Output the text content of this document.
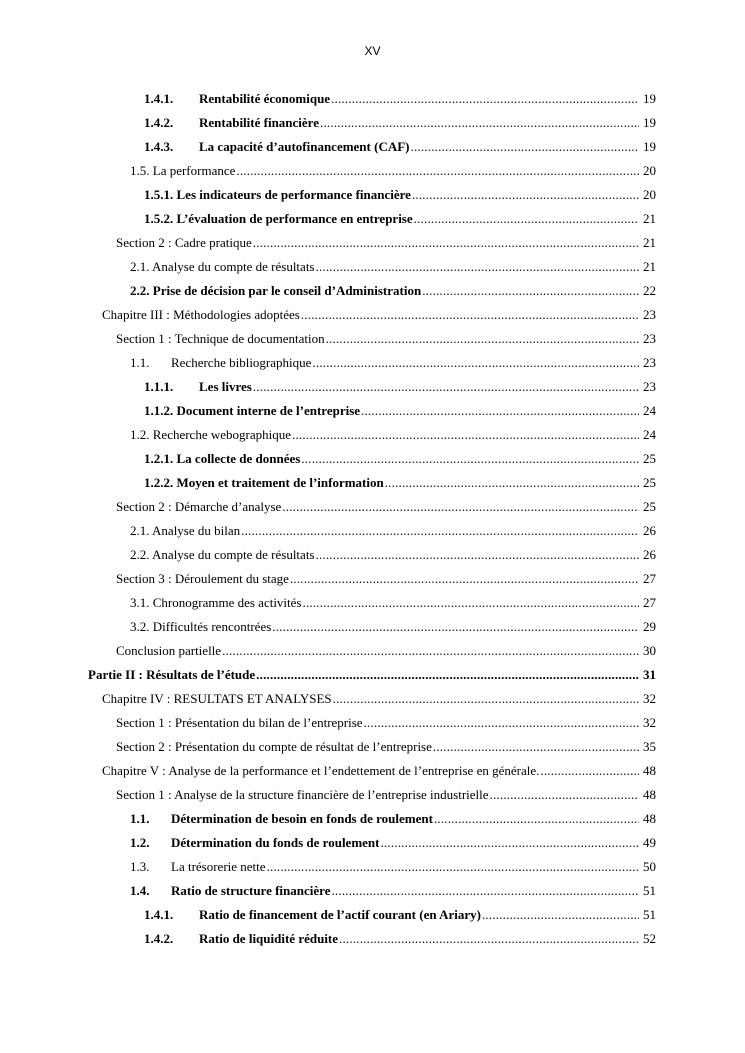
XV
1.4.1.	Rentabilité économique .....	19
1.4.2.	Rentabilité financière .....	19
1.4.3.	La capacité d’autofinancement (CAF) .....	19
1.5. La performance .....	20
1.5.1. Les indicateurs de performance financière .....	20
1.5.2. L’évaluation de performance en entreprise .....	21
Section 2 : Cadre pratique .....	21
2.1. Analyse du compte de résultats .....	21
2.2. Prise de décision par le conseil d’Administration .....	22
Chapitre III : Méthodologies adoptées .....	23
Section 1 : Technique de documentation .....	23
1.1.	Recherche bibliographique .....	23
1.1.1.	Les livres .....	23
1.1.2. Document interne de l’entreprise .....	24
1.2. Recherche webographique .....	24
1.2.1. La collecte de données .....	25
1.2.2. Moyen et traitement de l’information .....	25
Section 2 : Démarche d’analyse .....	25
2.1. Analyse du bilan .....	26
2.2. Analyse du compte de résultats .....	26
Section 3 : Déroulement du stage .....	27
3.1. Chronogramme des activités .....	27
3.2. Difficultés rencontrées .....	29
Conclusion partielle .....	30
Partie II : Résultats de l’étude .....	31
Chapitre IV : RESULTATS ET ANALYSES .....	32
Section 1 : Présentation du bilan de l’entreprise .....	32
Section 2 : Présentation du compte de résultat de l’entreprise .....	35
Chapitre V : Analyse de la performance et l’endettement de l’entreprise en générale. .....	48
Section 1 : Analyse de la structure financière de l’entreprise industrielle .....	48
1.1.	Détermination de besoin en fonds de roulement .....	48
1.2.	Détermination du fonds de roulement .....	49
1.3.	La trésorerie nette .....	50
1.4.	Ratio de structure financière .....	51
1.4.1.	Ratio de financement de l’actif courant (en Ariary) .....	51
1.4.2.	Ratio de liquidité réduite .....	52
